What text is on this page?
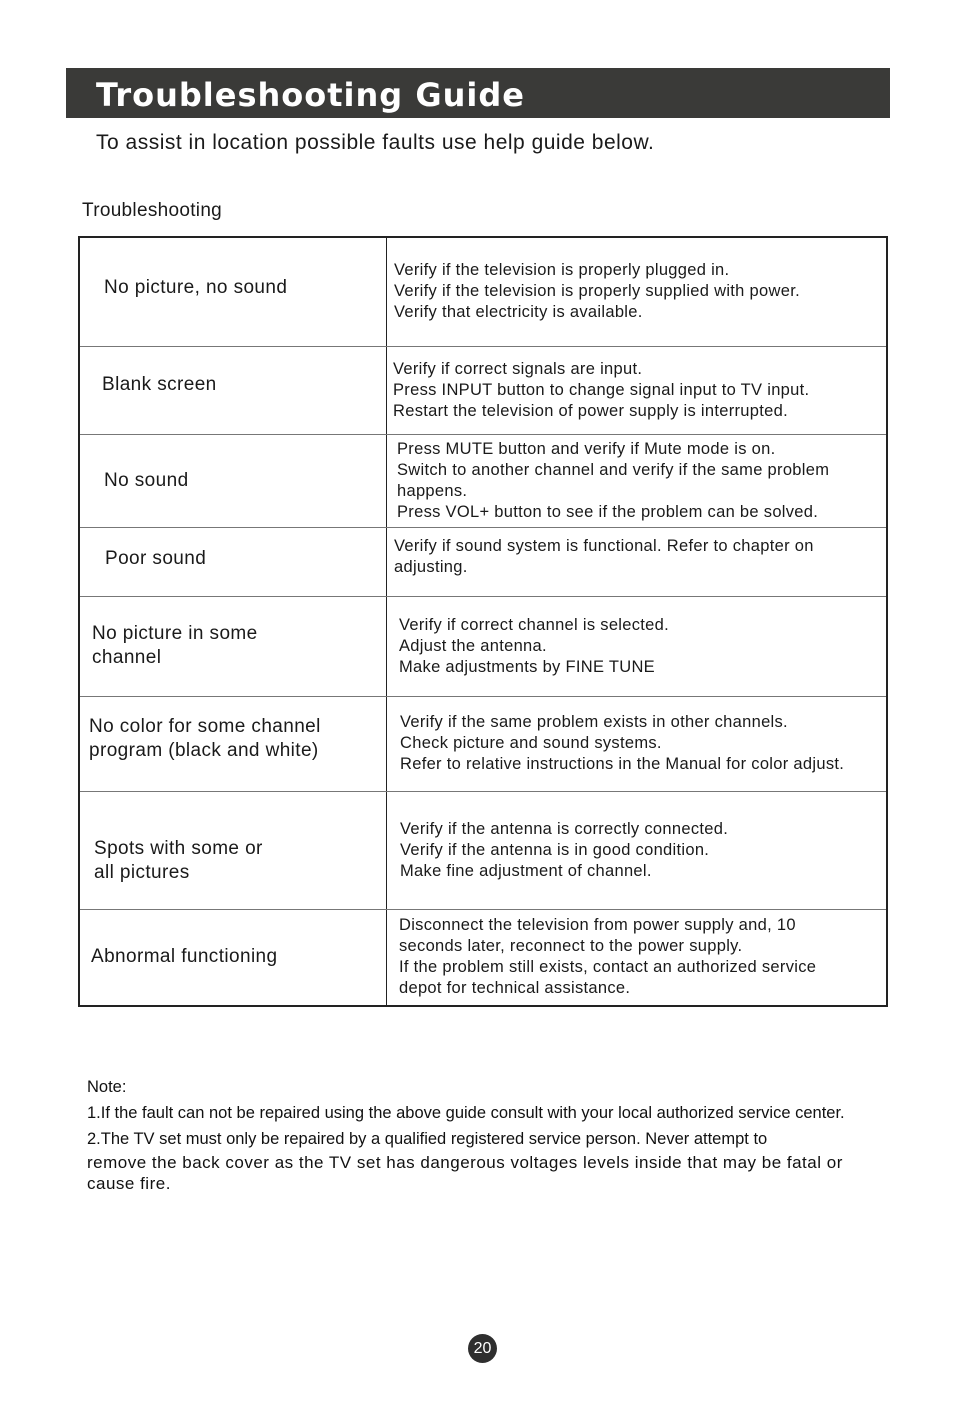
Troubleshooting Guide
To assist in location possible faults use help guide below.
Troubleshooting
No picture, no sound	Verify if the television is properly plugged in.
Verify if the television is properly supplied with power.
Verify that electricity is available.

Blank screen	Verify if correct signals are input.
Press INPUT button to change signal input to TV input.
Restart the television of power supply is interrupted.

No sound	Press MUTE button and verify if Mute mode is on.
Switch to another channel and verify if the same problem happens.
Press VOL+ button to see if the problem can be solved.

Poor sound	Verify if sound system is functional. Refer to chapter on adjusting.

No picture in some
channel	Verify if correct channel is selected.
Adjust the antenna.
Make adjustments by FINE TUNE

No color for some channel
program (black and white)	Verify if the same problem exists in other channels.
Check picture and sound systems.
Refer to relative instructions in the Manual for color adjust.

Spots with some or
all pictures	Verify if the antenna is correctly connected.
Verify if the antenna is in good condition.
Make fine adjustment of channel.

Abnormal functioning	Disconnect the television from power supply and, 10 seconds later, reconnect to the power supply.
If the problem still exists, contact an authorized service depot for technical assistance.
Note:
1.If the fault can not be repaired using the above guide consult with your local authorized service center.
2.The TV set must only be repaired by a qualified registered service person. Never attempt to
remove the back cover as the TV set has dangerous voltages levels inside that may be fatal or cause fire.
20
